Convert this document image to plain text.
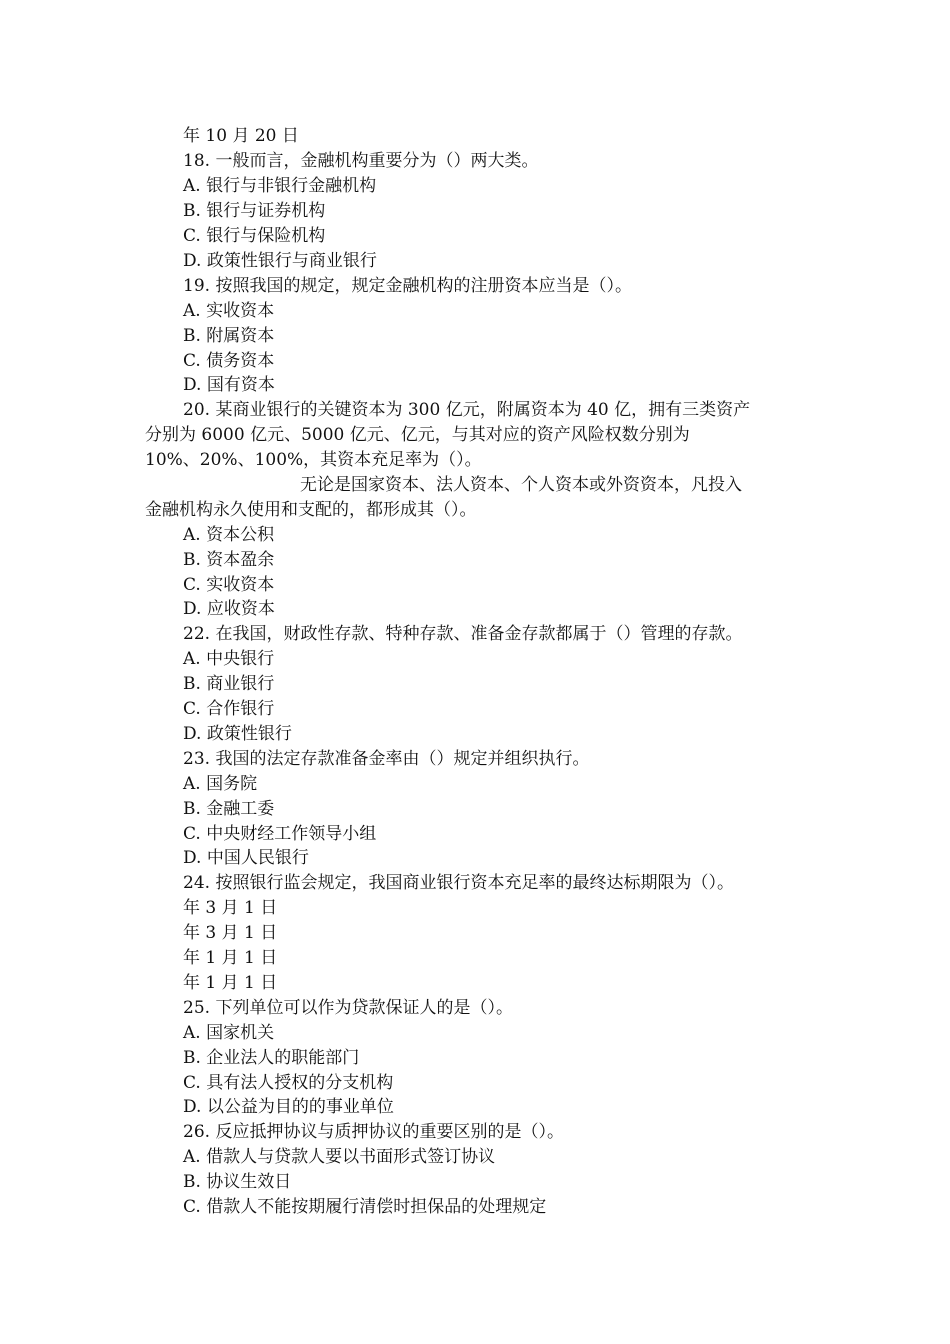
年 10 月 20 日
18. 一般而言，金融机构重要分为（）两大类。
A. 银行与非银行金融机构
B. 银行与证券机构
C. 银行与保险机构
D. 政策性银行与商业银行
19. 按照我国的规定，规定金融机构的注册资本应当是（）。
A. 实收资本
B. 附属资本
C. 债务资本
D. 国有资本
20. 某商业银行的关键资本为 300 亿元，附属资本为 40 亿，拥有三类资产
分别为 6000 亿元、5000 亿元、亿元，与其对应的资产风险权数分别为
10%、20%、100%，其资本充足率为（）。
无论是国家资本、法人资本、个人资本或外资资本，凡投入
金融机构永久使用和支配的，都形成其（）。
A. 资本公积
B. 资本盈余
C. 实收资本
D. 应收资本
22. 在我国，财政性存款、特种存款、准备金存款都属于（）管理的存款。
A. 中央银行
B. 商业银行
C. 合作银行
D. 政策性银行
23. 我国的法定存款准备金率由（）规定并组织执行。
A. 国务院
B. 金融工委
C. 中央财经工作领导小组
D. 中国人民银行
24. 按照银行监会规定，我国商业银行资本充足率的最终达标期限为（）。
年 3 月 1 日
年 3 月 1 日
年 1 月 1 日
年 1 月 1 日
25. 下列单位可以作为贷款保证人的是（）。
A. 国家机关
B. 企业法人的职能部门
C. 具有法人授权的分支机构
D. 以公益为目的的事业单位
26. 反应抵押协议与质押协议的重要区别的是（）。
A. 借款人与贷款人要以书面形式签订协议
B. 协议生效日
C. 借款人不能按期履行清偿时担保品的处理规定
